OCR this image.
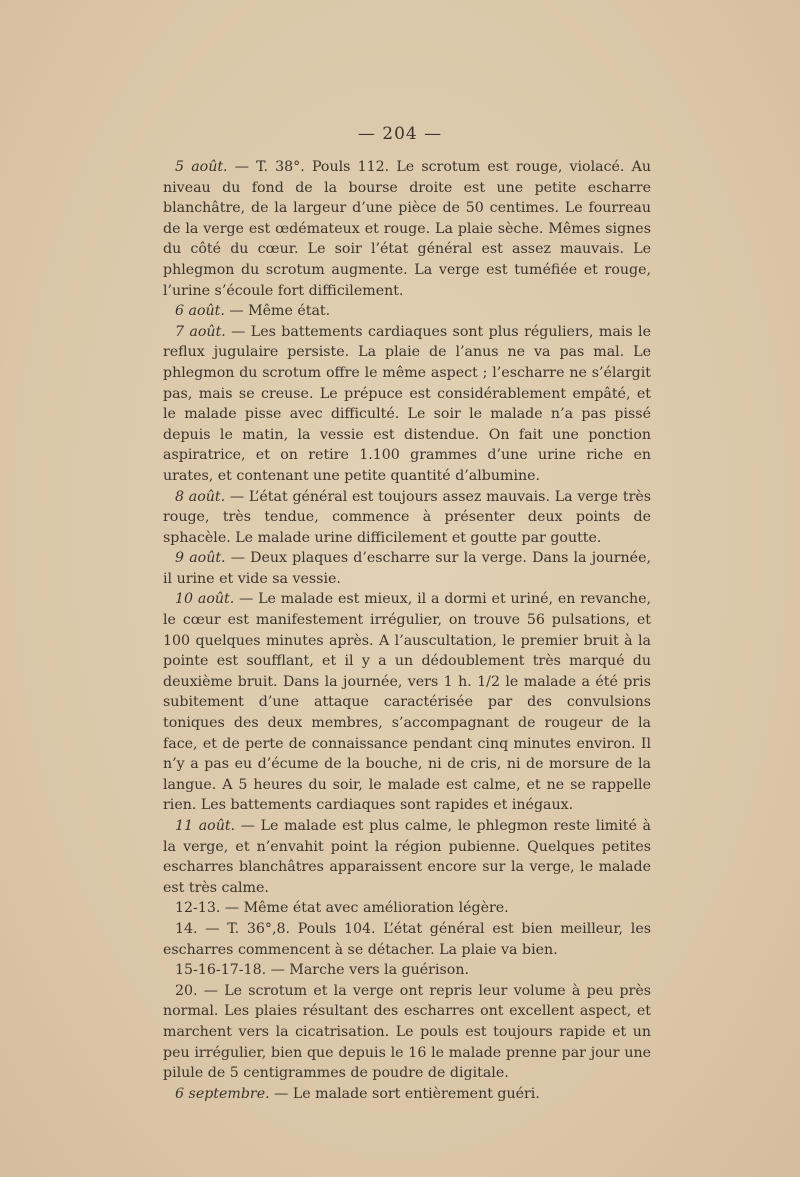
— 204 —

5 août. — T. 38°. Pouls 112. Le scrotum est rouge, violacé. Au niveau du fond de la bourse droite est une petite escharre blanchâtre, de la largeur d’une pièce de 50 centimes. Le fourreau de la verge est œdémateux et rouge. La plaie sèche. Mêmes signes du côté du cœur. Le soir l’état général est assez mauvais. Le phlegmon du scrotum augmente. La verge est tuméfiée et rouge, l’urine s’écoule fort difficilement.

6 août. — Même état.

7 août. — Les battements cardiaques sont plus réguliers, mais le reflux jugulaire persiste. La plaie de l’anus ne va pas mal. Le phlegmon du scrotum offre le même aspect ; l’escharre ne s’élargit pas, mais se creuse. Le prépuce est considérablement empâté, et le malade pisse avec difficulté. Le soir le malade n’a pas pissé depuis le matin, la vessie est distendue. On fait une ponction aspiratrice, et on retire 1.100 grammes d’une urine riche en urates, et contenant une petite quantité d’albumine.

8 août. — L’état général est toujours assez mauvais. La verge très rouge, très tendue, commence à présenter deux points de sphacèle. Le malade urine difficilement et goutte par goutte.

9 août. — Deux plaques d’escharre sur la verge. Dans la journée, il urine et vide sa vessie.

10 août. — Le malade est mieux, il a dormi et uriné, en revanche, le cœur est manifestement irrégulier, on trouve 56 pulsations, et 100 quelques minutes après. A l’auscultation, le premier bruit à la pointe est soufflant, et il y a un dédoublement très marqué du deuxième bruit. Dans la journée, vers 1 h. 1/2 le malade a été pris subitement d’une attaque caractérisée par des convulsions toniques des deux membres, s’accompagnant de rougeur de la face, et de perte de connaissance pendant cinq minutes environ. Il n’y a pas eu d’écume de la bouche, ni de cris, ni de morsure de la langue. A 5 heures du soir, le malade est calme, et ne se rappelle rien. Les battements cardiaques sont rapides et inégaux.

11 août. — Le malade est plus calme, le phlegmon reste limité à la verge, et n’envahit point la région pubienne. Quelques petites escharres blanchâtres apparaissent encore sur la verge, le malade est très calme.

12-13. — Même état avec amélioration légère.

14. — T. 36°,8. Pouls 104. L’état général est bien meilleur, les escharres commencent à se détacher. La plaie va bien.

15-16-17-18. — Marche vers la guérison.

20. — Le scrotum et la verge ont repris leur volume à peu près normal. Les plaies résultant des escharres ont excellent aspect, et marchent vers la cicatrisation. Le pouls est toujours rapide et un peu irrégulier, bien que depuis le 16 le malade prenne par jour une pilule de 5 centigrammes de poudre de digitale.

6 septembre. — Le malade sort entièrement guéri.
